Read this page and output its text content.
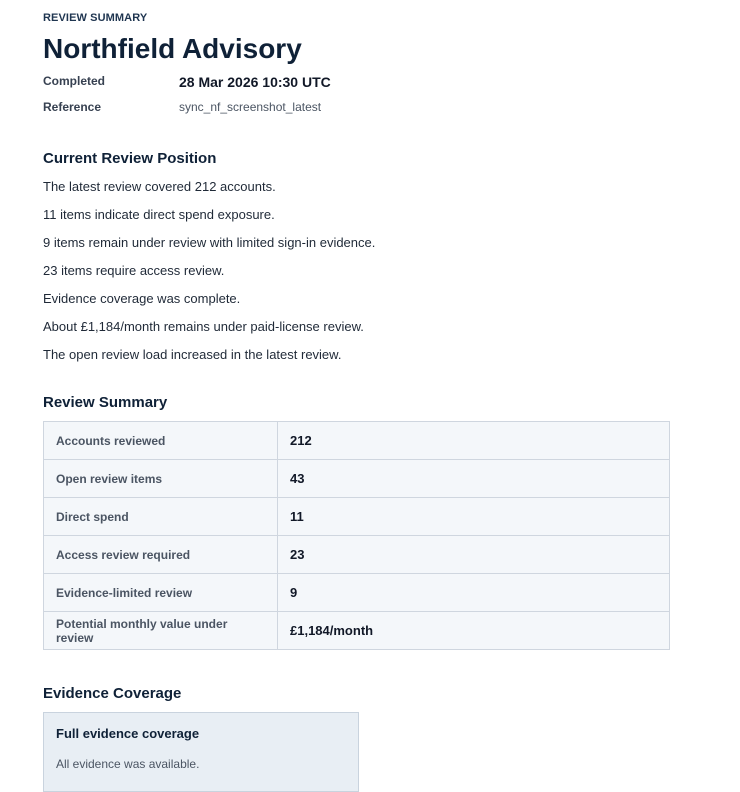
REVIEW SUMMARY
Northfield Advisory
Completed	28 Mar 2026 10:30 UTC
Reference	sync_nf_screenshot_latest
Current Review Position
The latest review covered 212 accounts.
11 items indicate direct spend exposure.
9 items remain under review with limited sign-in evidence.
23 items require access review.
Evidence coverage was complete.
About £1,184/month remains under paid-license review.
The open review load increased in the latest review.
Review Summary
Accounts reviewed	212
Open review items	43
Direct spend	11
Access review required	23
Evidence-limited review	9
Potential monthly value under review	£1,184/month
Evidence Coverage
Full evidence coverage
All evidence was available.
